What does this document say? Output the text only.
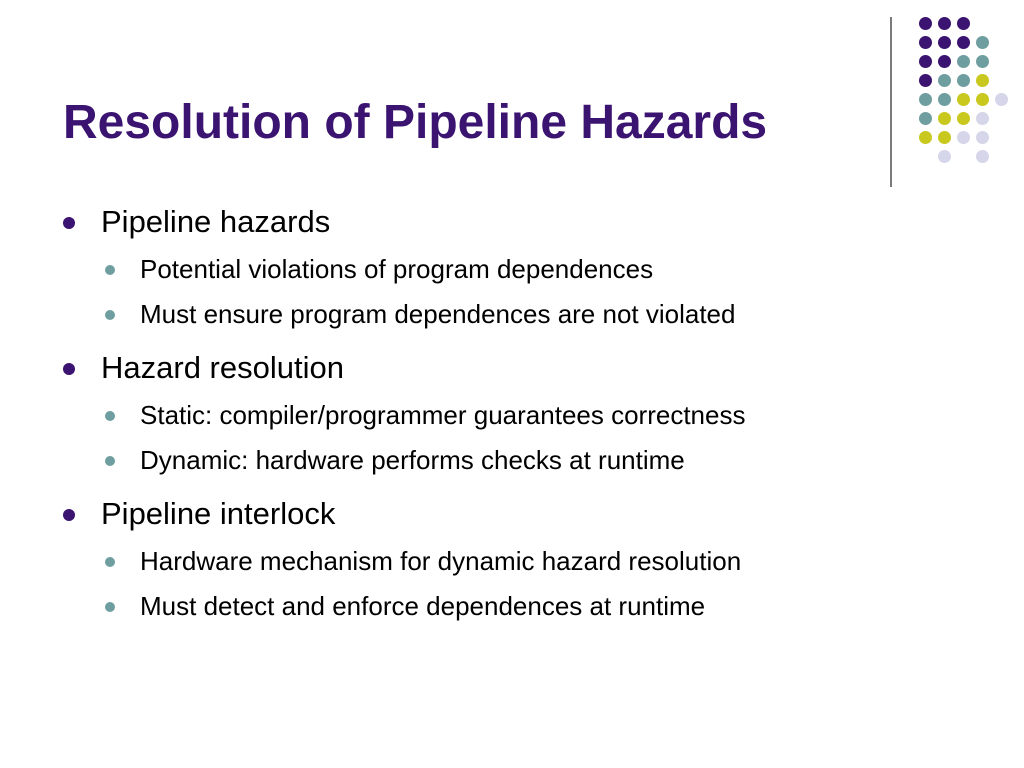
Resolution of Pipeline Hazards
Pipeline hazards
Potential violations of program dependences
Must ensure program dependences are not violated
Hazard resolution
Static: compiler/programmer guarantees correctness
Dynamic: hardware performs checks at runtime
Pipeline interlock
Hardware mechanism for dynamic hazard resolution
Must detect and enforce dependences at runtime
